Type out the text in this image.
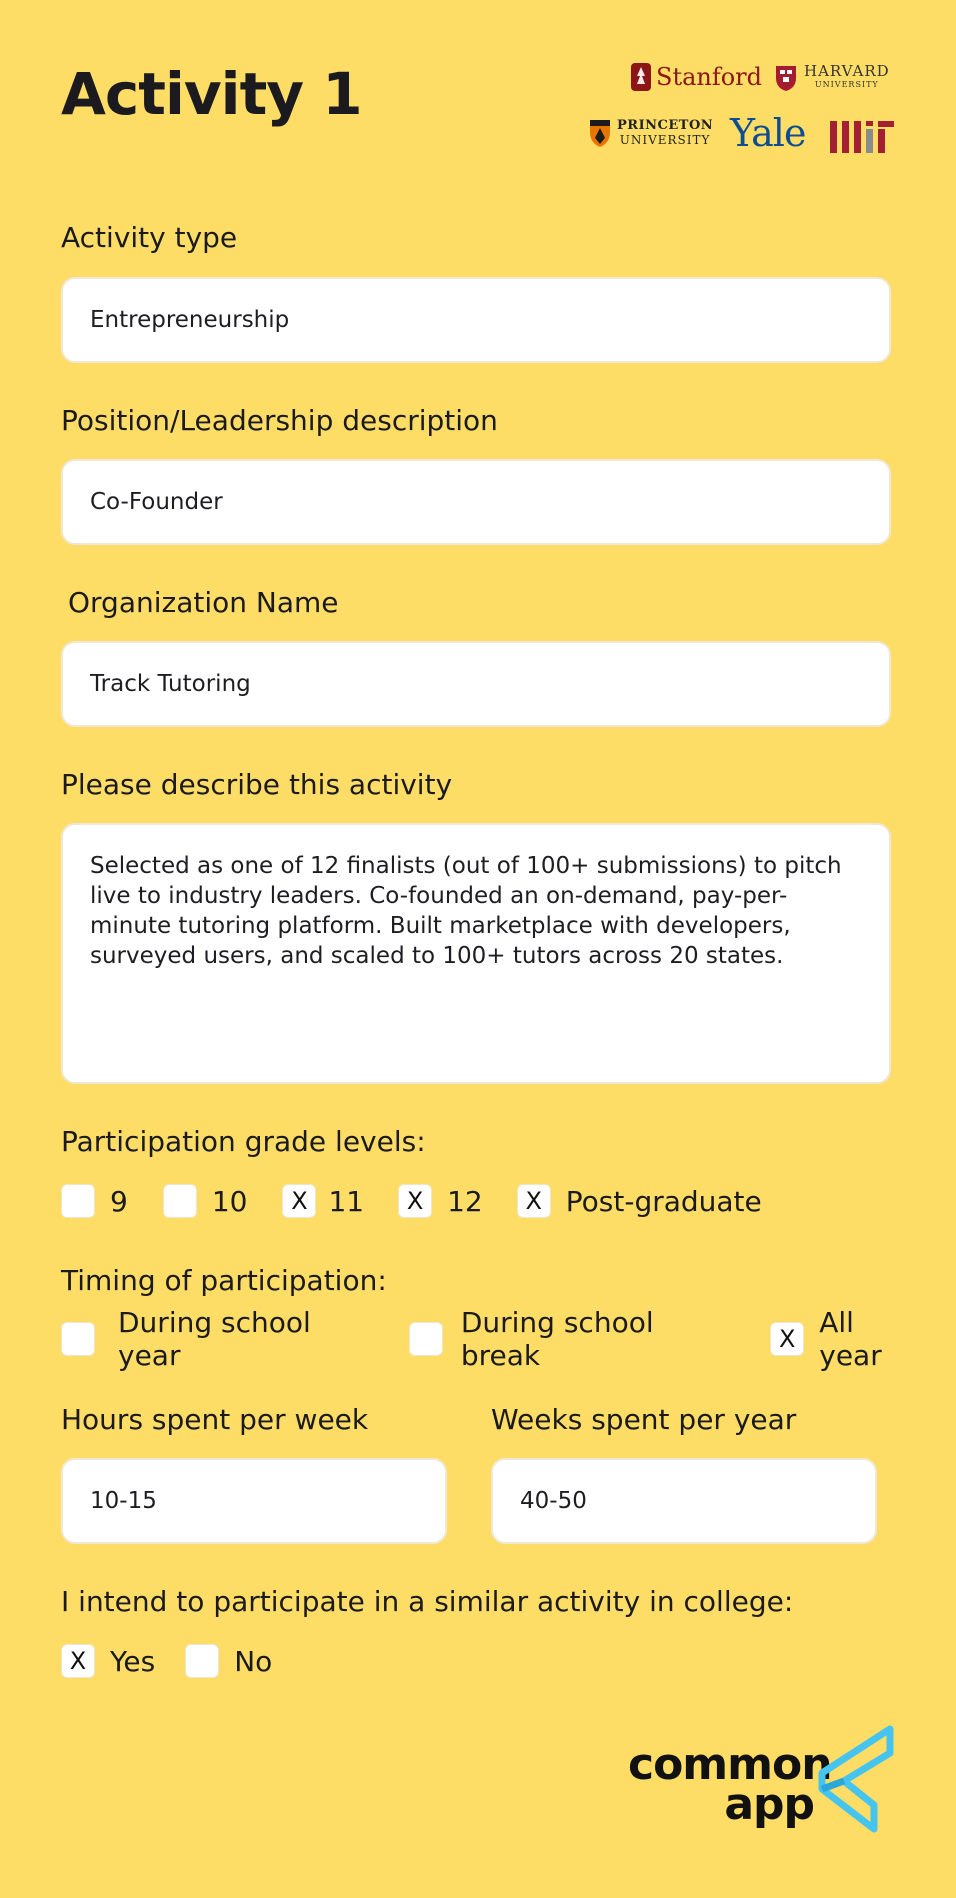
Activity 1	Stanford	HARVARD
UNIVERSITY
PRINCETON
UNIVERSITY Yale
Activity type
Entrepreneurship
Position/Leadership description
Co-Founder
Organization Name
Track Tutoring
Please describe this activity
Selected as one of 12 finalists (out of 100+ submissions) to pitch live to industry leaders. Co-founded an on-demand, pay-per-minute tutoring platform. Built marketplace with developers, surveyed users, and scaled to 100+ tutors across 20 states.
Participation grade levels:
9	10	X 11	X 12	X Post-graduate
Timing of participation:
During school year
During school break	X All year
Hours spent per week
10-15
Weeks spent per year
40-50
I intend to participate in a similar activity in college:
X Yes	No
common
app
